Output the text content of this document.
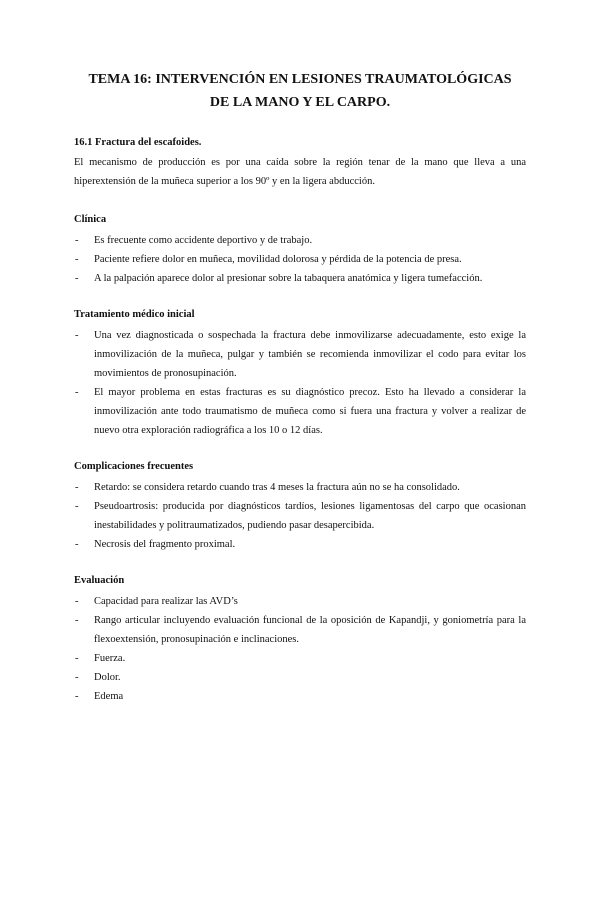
TEMA 16: INTERVENCIÓN EN LESIONES TRAUMATOLÓGICAS DE LA MANO Y EL CARPO.
16.1 Fractura del escafoides.

El mecanismo de producción es por una caída sobre la región tenar de la mano que lleva a una hiperextensión de la muñeca superior a los 90º y en la ligera abducción.

Clínica
- Es frecuente como accidente deportivo y de trabajo.
- Paciente refiere dolor en muñeca, movilidad dolorosa y pérdida de la potencia de presa.
- A la palpación aparece dolor al presionar sobre la tabaquera anatómica y ligera tumefacción.
Tratamiento médico inicial
- Una vez diagnosticada o sospechada la fractura debe inmovilizarse adecuadamente, esto exige la inmovilización de la muñeca, pulgar y también se recomienda inmovilizar el codo para evitar los movimientos de pronosupinación.
- El mayor problema en estas fracturas es su diagnóstico precoz. Esto ha llevado a considerar la inmovilización ante todo traumatismo de muñeca como si fuera una fractura y volver a realizar de nuevo otra exploración radiográfica a los 10 o 12 días.
Complicaciones frecuentes
- Retardo: se considera retardo cuando tras 4 meses la fractura aún no se ha consolidado.
- Pseudoartrosis: producida por diagnósticos tardíos, lesiones ligamentosas del carpo que ocasionan inestabilidades y politraumatizados, pudiendo pasar desapercibida.
- Necrosis del fragmento proximal.
Evaluación
- Capacidad para realizar las AVD’s
- Rango articular incluyendo evaluación funcional de la oposición de Kapandji, y goniometría para la flexoextensión, pronosupinación e inclinaciones.
- Fuerza.
- Dolor.
- Edema
